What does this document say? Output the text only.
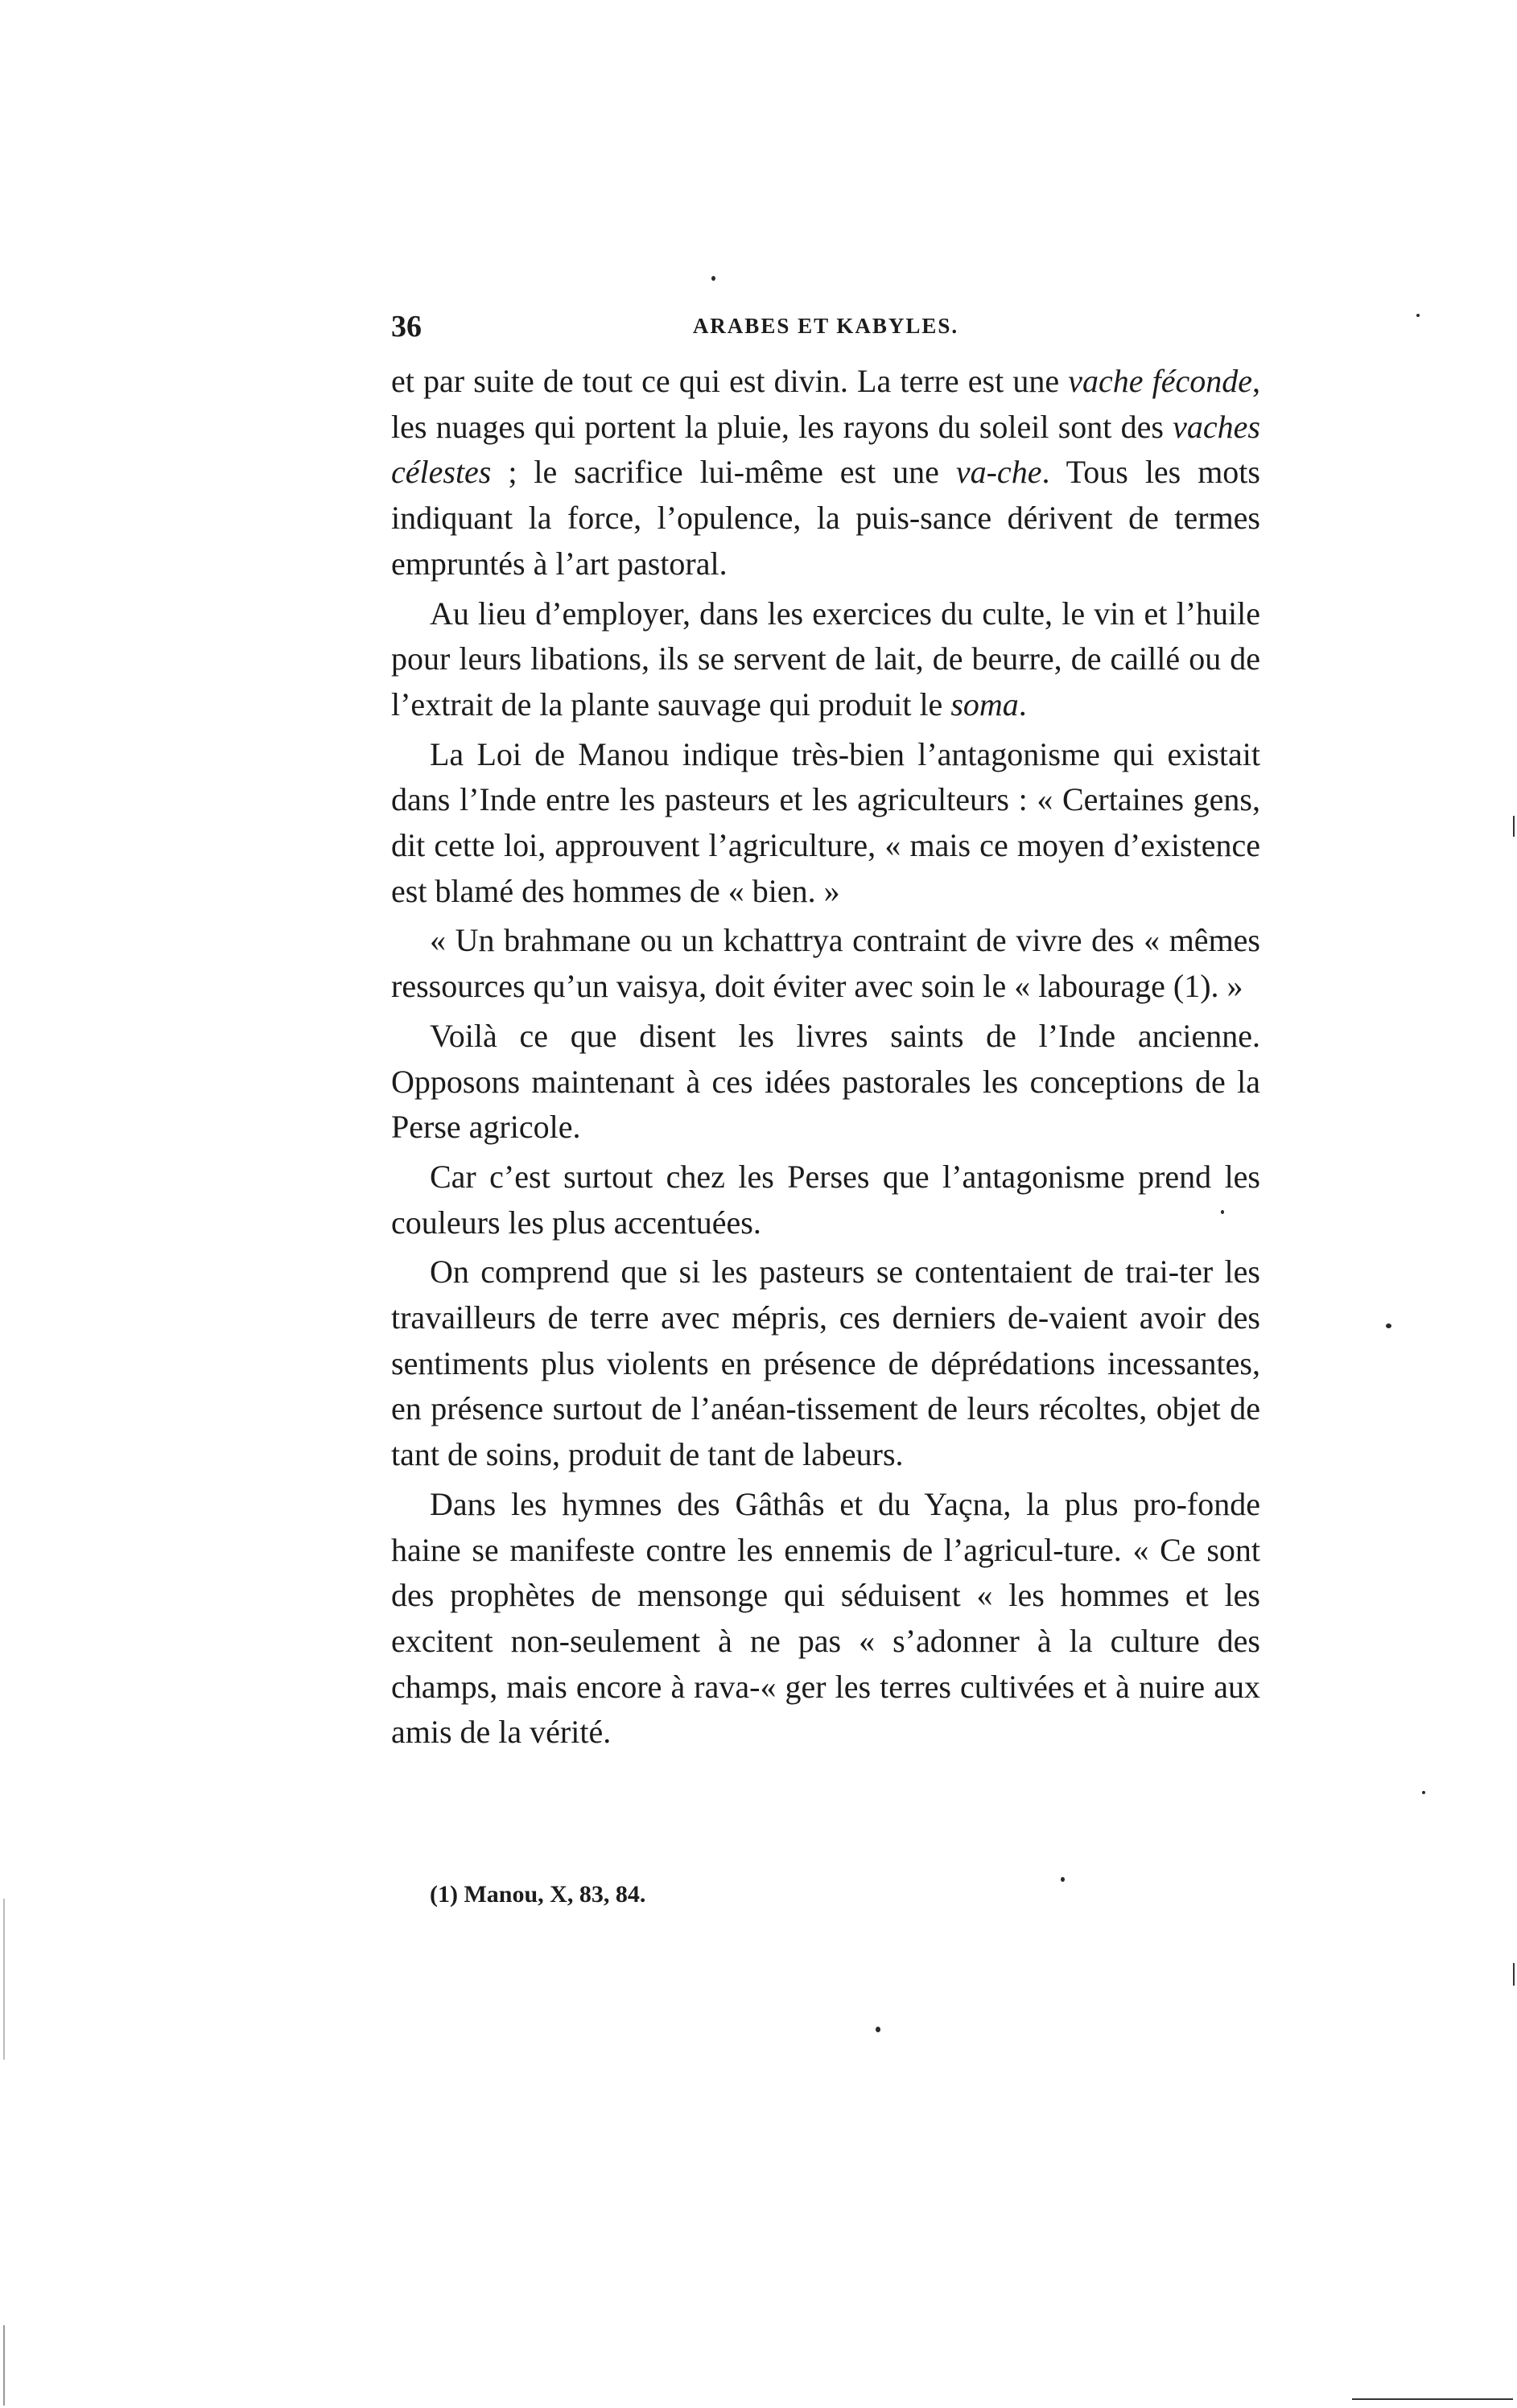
36	ARABES ET KABYLES.

et par suite de tout ce qui est divin. La terre est une vache féconde, les nuages qui portent la pluie, les rayons du soleil sont des vaches célestes ; le sacrifice lui-même est une va-che. Tous les mots indiquant la force, l’opulence, la puis-sance dérivent de termes empruntés à l’art pastoral.

Au lieu d’employer, dans les exercices du culte, le vin et l’huile pour leurs libations, ils se servent de lait, de beurre, de caillé ou de l’extrait de la plante sauvage qui produit le soma.

La Loi de Manou indique très-bien l’antagonisme qui existait dans l’Inde entre les pasteurs et les agriculteurs : « Certaines gens, dit cette loi, approuvent l’agriculture, « mais ce moyen d’existence est blamé des hommes de « bien. »

« Un brahmane ou un kchattrya contraint de vivre des « mêmes ressources qu’un vaisya, doit éviter avec soin le « labourage (1). »

Voilà ce que disent les livres saints de l’Inde ancienne. Opposons maintenant à ces idées pastorales les conceptions de la Perse agricole.

Car c’est surtout chez les Perses que l’antagonisme prend les couleurs les plus accentuées.

On comprend que si les pasteurs se contentaient de trai-ter les travailleurs de terre avec mépris, ces derniers de-vaient avoir des sentiments plus violents en présence de déprédations incessantes, en présence surtout de l’anéan-tissement de leurs récoltes, objet de tant de soins, produit de tant de labeurs.

Dans les hymnes des Gâthâs et du Yaçna, la plus pro-fonde haine se manifeste contre les ennemis de l’agricul-ture. « Ce sont des prophètes de mensonge qui séduisent « les hommes et les excitent non-seulement à ne pas « s’adonner à la culture des champs, mais encore à rava-« ger les terres cultivées et à nuire aux amis de la vérité.

(1) Manou, X, 83, 84.
